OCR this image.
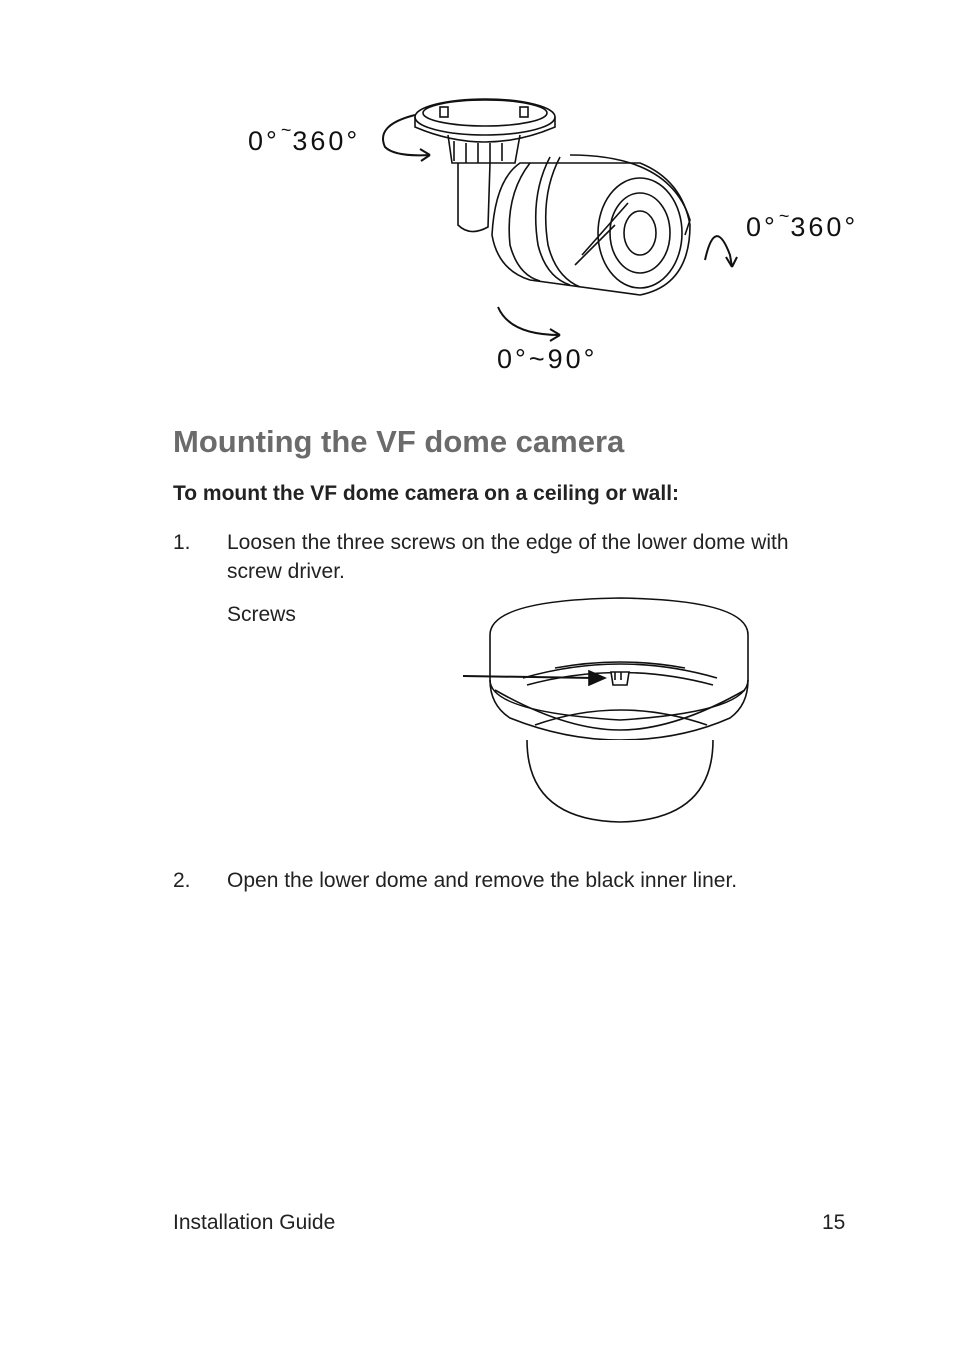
0°~360°
0°~360°
0°~90°
Mounting the VF dome camera
To mount the VF dome camera on a ceiling or wall:
1. Loosen the three screws on the edge of the lower dome with screw driver.
Screws
2. Open the lower dome and remove the black inner liner.
Installation Guide	15
